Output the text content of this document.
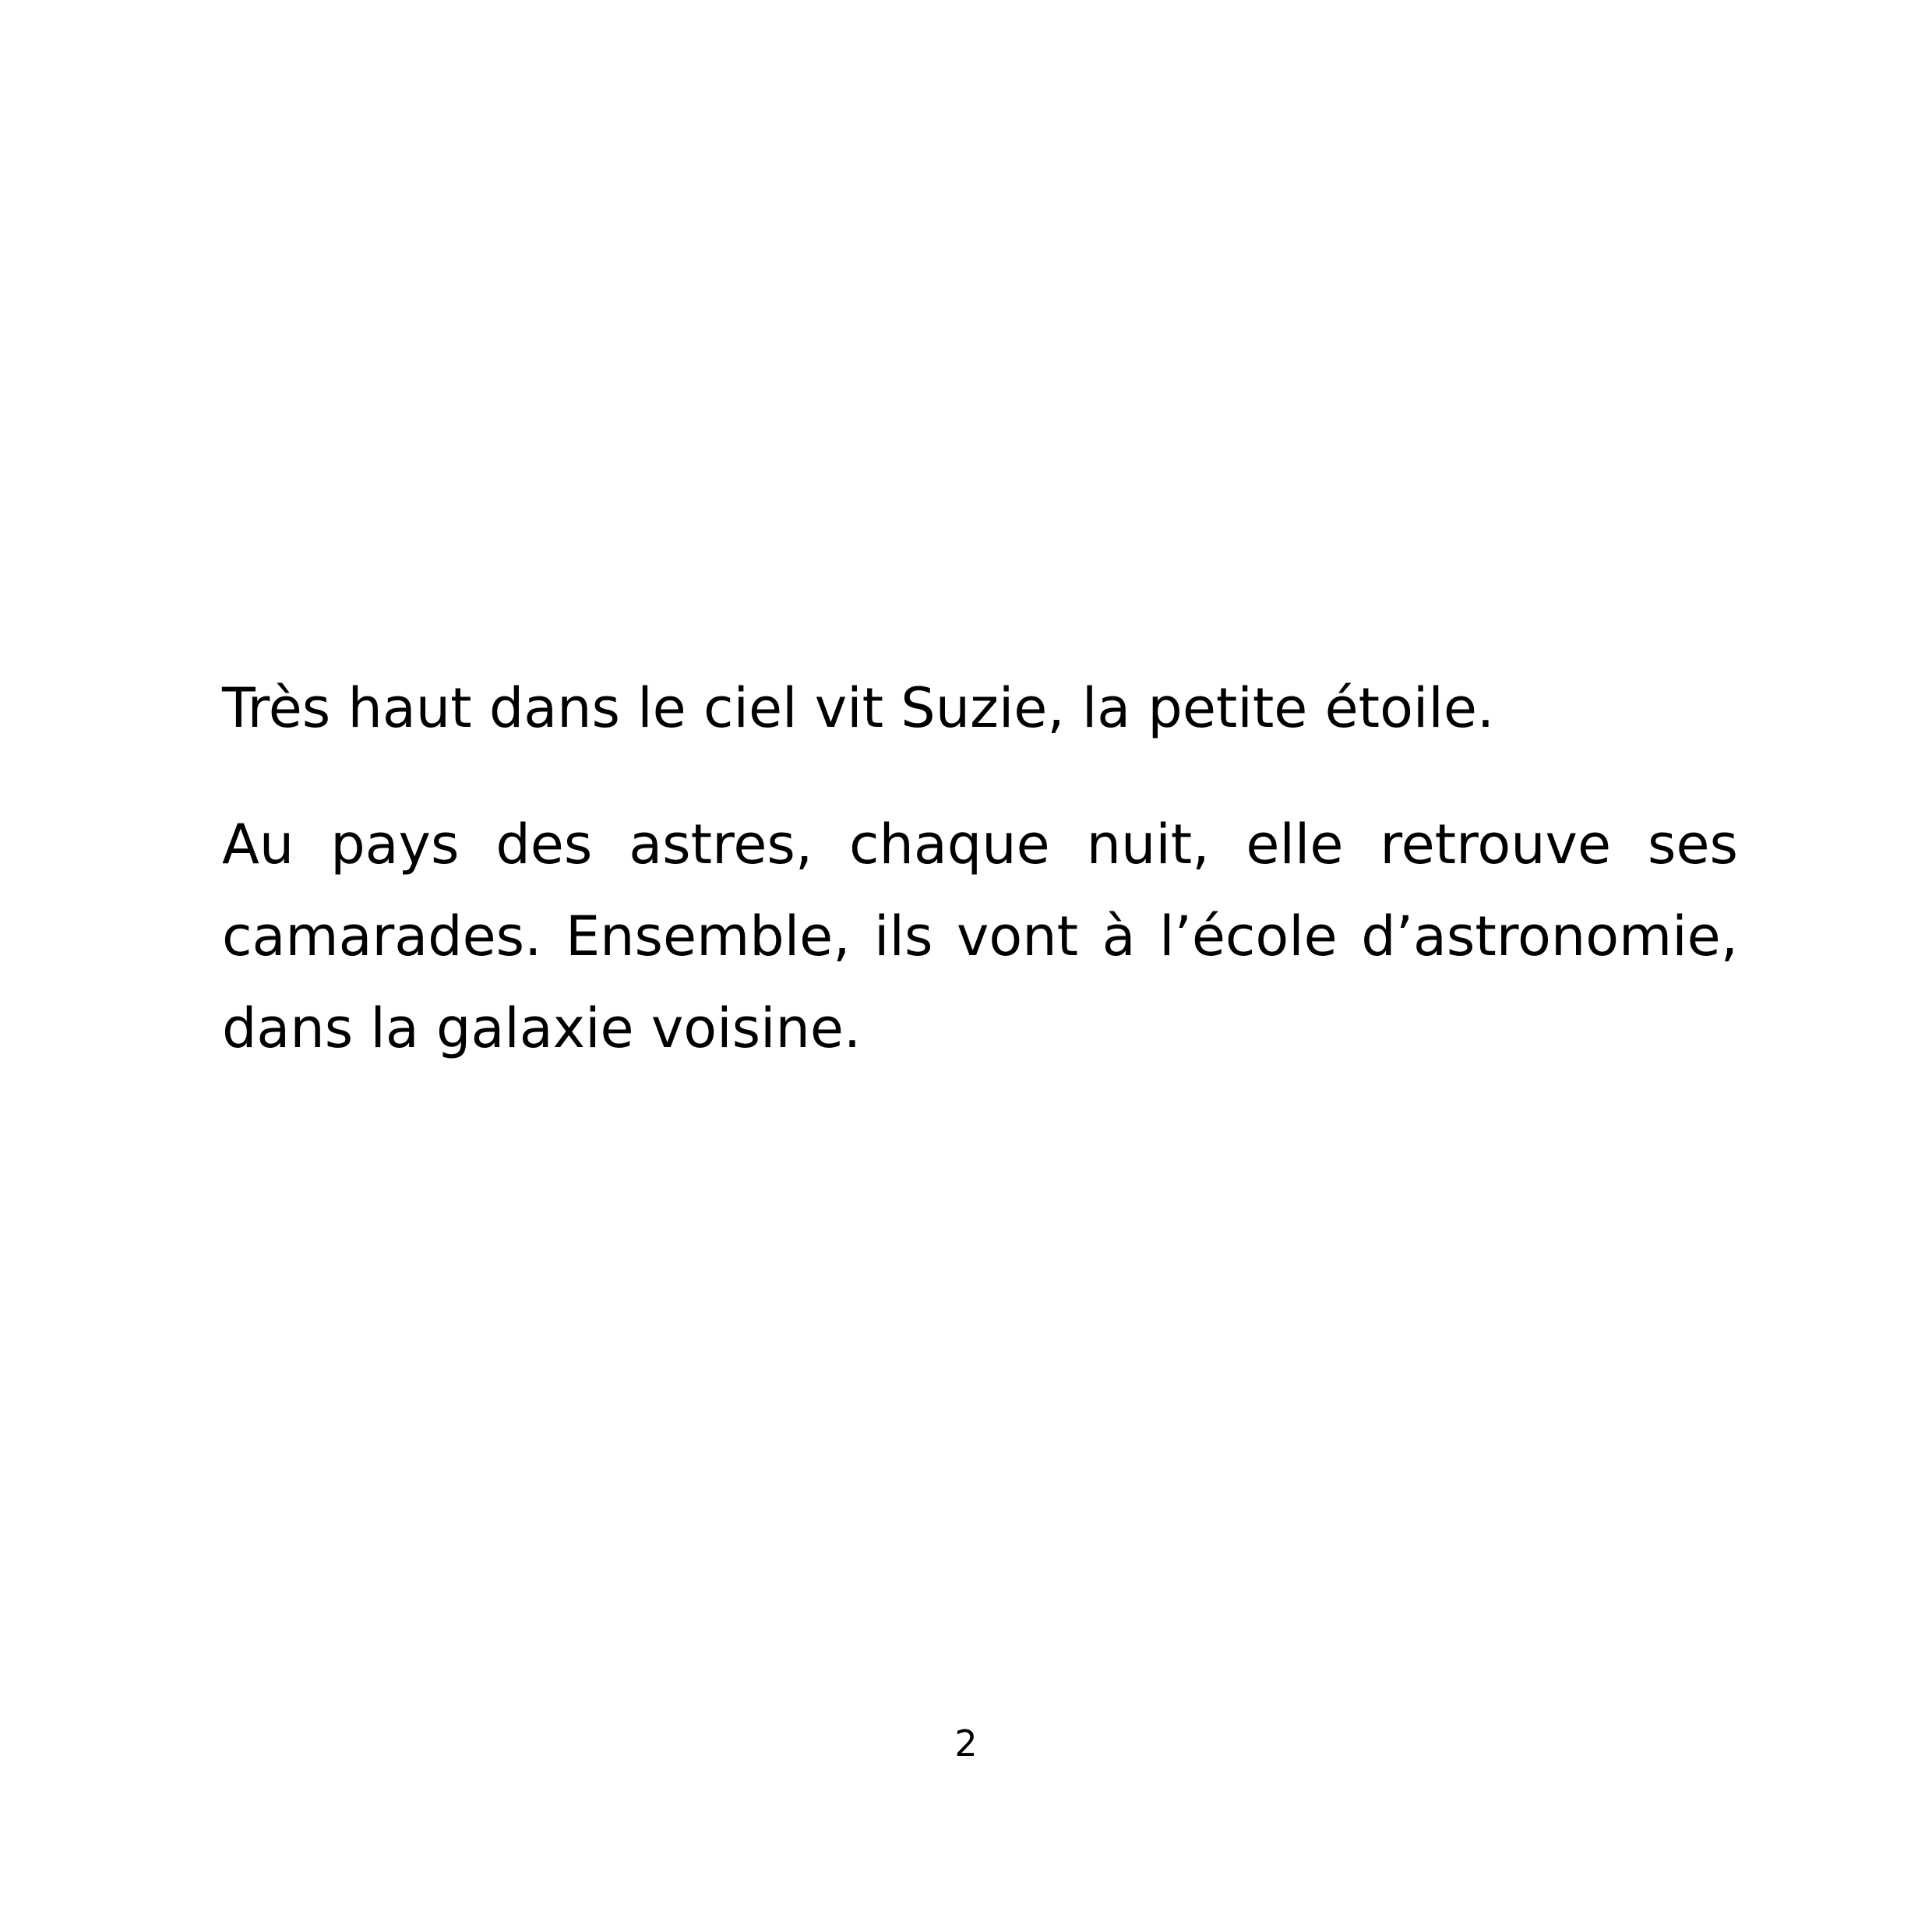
Très haut dans le ciel vit Suzie, la petite étoile.

Au pays des astres, chaque nuit, elle retrouve ses camarades. Ensemble, ils vont à l’école d’astronomie, dans la galaxie voisine.

2
